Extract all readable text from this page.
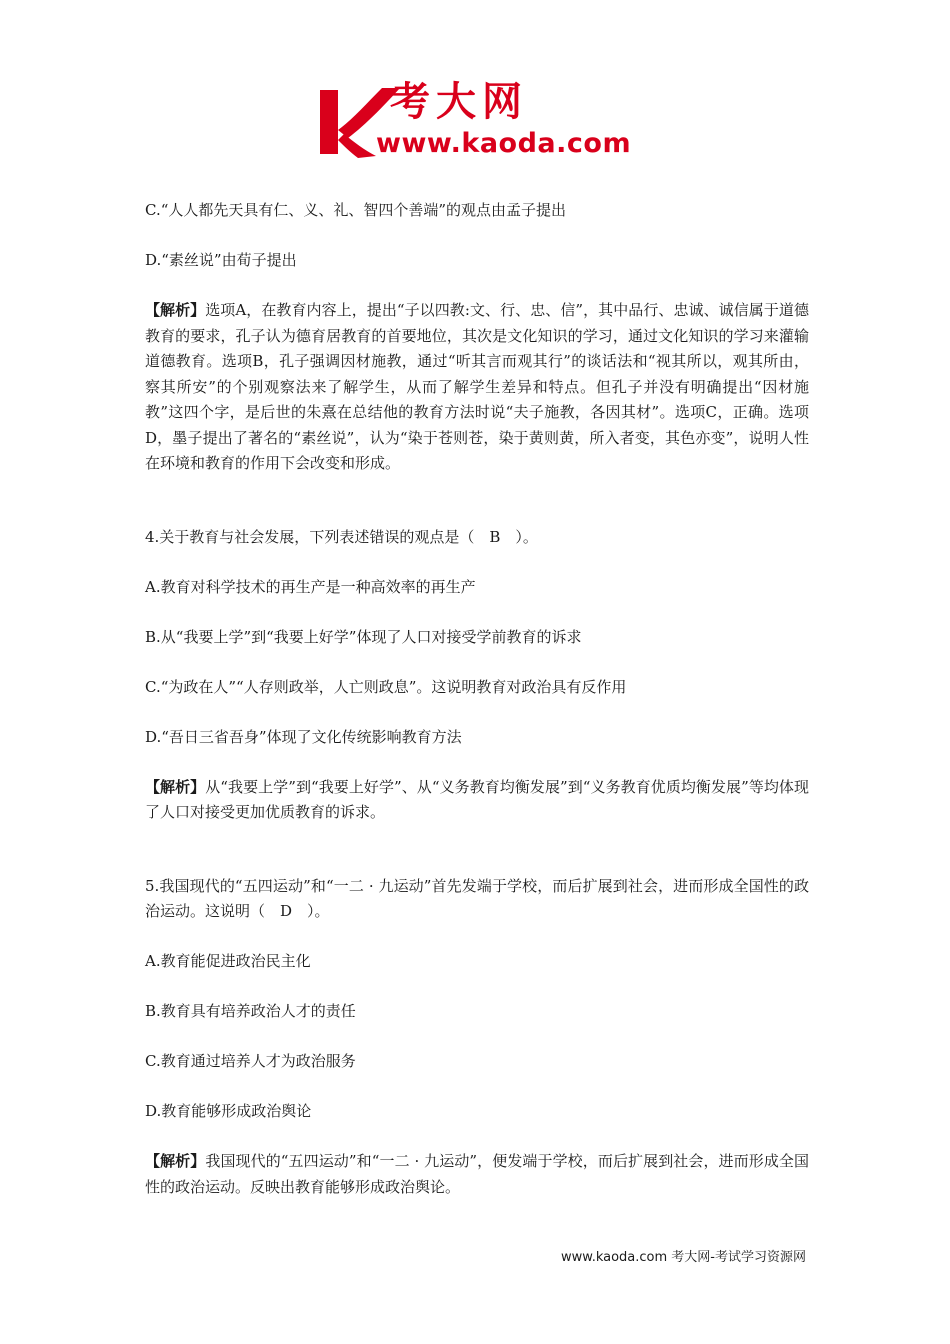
考大网
www.kaoda.com

C.“人人都先天具有仁、义、礼、智四个善端”的观点由孟子提出

D.“素丝说”由荀子提出

【解析】选项A，在教育内容上，提出“子以四教:文、行、忠、信”，其中品行、忠诚、诚信属于道德教育的要求，孔子认为德育居教育的首要地位，其次是文化知识的学习，通过文化知识的学习来灌输道德教育。选项B，孔子强调因材施教，通过“听其言而观其行”的谈话法和“视其所以，观其所由，察其所安”的个别观察法来了解学生，从而了解学生差异和特点。但孔子并没有明确提出“因材施教”这四个字，是后世的朱熹在总结他的教育方法时说“夫子施教，各因其材”。选项C，正确。选项D，墨子提出了著名的“素丝说”，认为“染于苍则苍，染于黄则黄，所入者变，其色亦变”，说明人性在环境和教育的作用下会改变和形成。

4.关于教育与社会发展，下列表述错误的观点是（　B　）。

A.教育对科学技术的再生产是一种高效率的再生产

B.从“我要上学”到“我要上好学”体现了人口对接受学前教育的诉求

C.“为政在人”“人存则政举，人亡则政息”。这说明教育对政治具有反作用

D.“吾日三省吾身”体现了文化传统影响教育方法

【解析】从“我要上学”到“我要上好学”、从“义务教育均衡发展”到“义务教育优质均衡发展”等均体现了人口对接受更加优质教育的诉求。

5.我国现代的“五四运动”和“一二 · 九运动”首先发端于学校，而后扩展到社会，进而形成全国性的政治运动。这说明（　D　）。

A.教育能促进政治民主化

B.教育具有培养政治人才的责任

C.教育通过培养人才为政治服务

D.教育能够形成政治舆论

【解析】我国现代的“五四运动”和“一二 · 九运动”，便发端于学校，而后扩展到社会，进而形成全国性的政治运动。反映出教育能够形成政治舆论。

www.kaoda.com 考大网-考试学习资源网
